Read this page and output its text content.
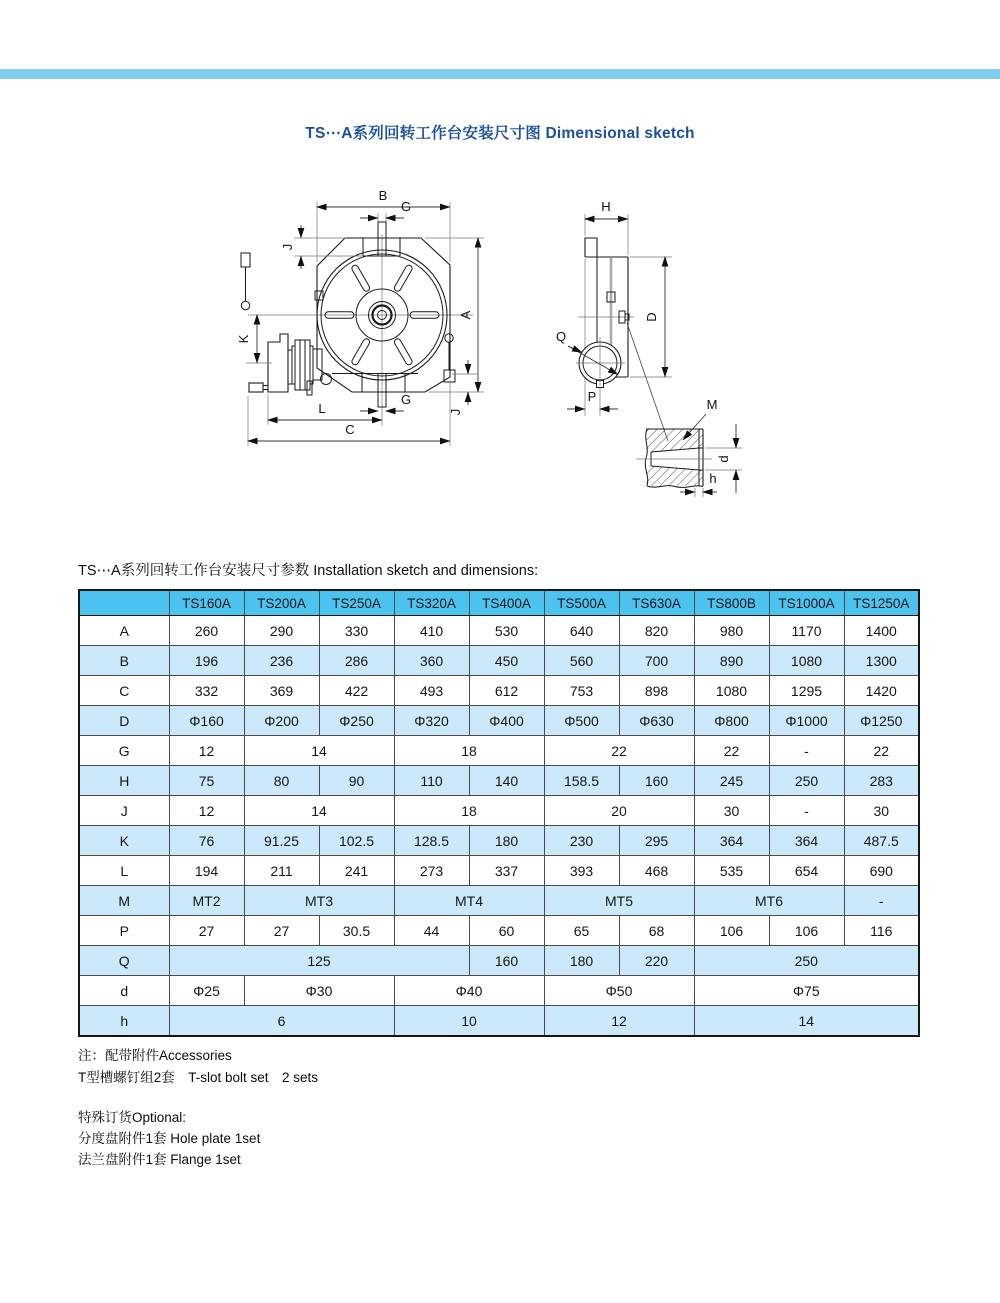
TS⋯A系列回转工作台安装尺寸图 Dimensional sketch
B
G
J
A
K
L
C
G
J
Q
P
H
D
d
h
M
TS⋯A系列回转工作台安装尺寸参数 Installation sketch and dimensions:
	TS160A	TS200A	TS250A	TS320A	TS400A	TS500A	TS630A	TS800B	TS1000A	TS1250A
A	260	290	330	410	530	640	820	980	1170	1400
B	196	236	286	360	450	560	700	890	1080	1300
C	332	369	422	493	612	753	898	1080	1295	1420
D	Φ160	Φ200	Φ250	Φ320	Φ400	Φ500	Φ630	Φ800	Φ1000	Φ1250
G	12	14		18		22		22	-	22
H	75	80	90	110	140	158.5	160	245	250	283
J	12	14		18		20		30	-	30
K	76	91.25	102.5	128.5	180	230	295	364	364	487.5
L	194	211	241	273	337	393	468	535	654	690
M	MT2	MT3		MT4		MT5		MT6		-
P	27	27	30.5	44	60	65	68	106	106	116
Q	125				160	180	220	250		
d	Φ25	Φ30		Φ40		Φ50		Φ75		
h	6			10		12		14		
注：配带附件Accessories
T型槽螺钉组2套　T-slot bolt set　2 sets
特殊订货Optional:
分度盘附件1套 Hole plate 1set
法兰盘附件1套 Flange 1set
